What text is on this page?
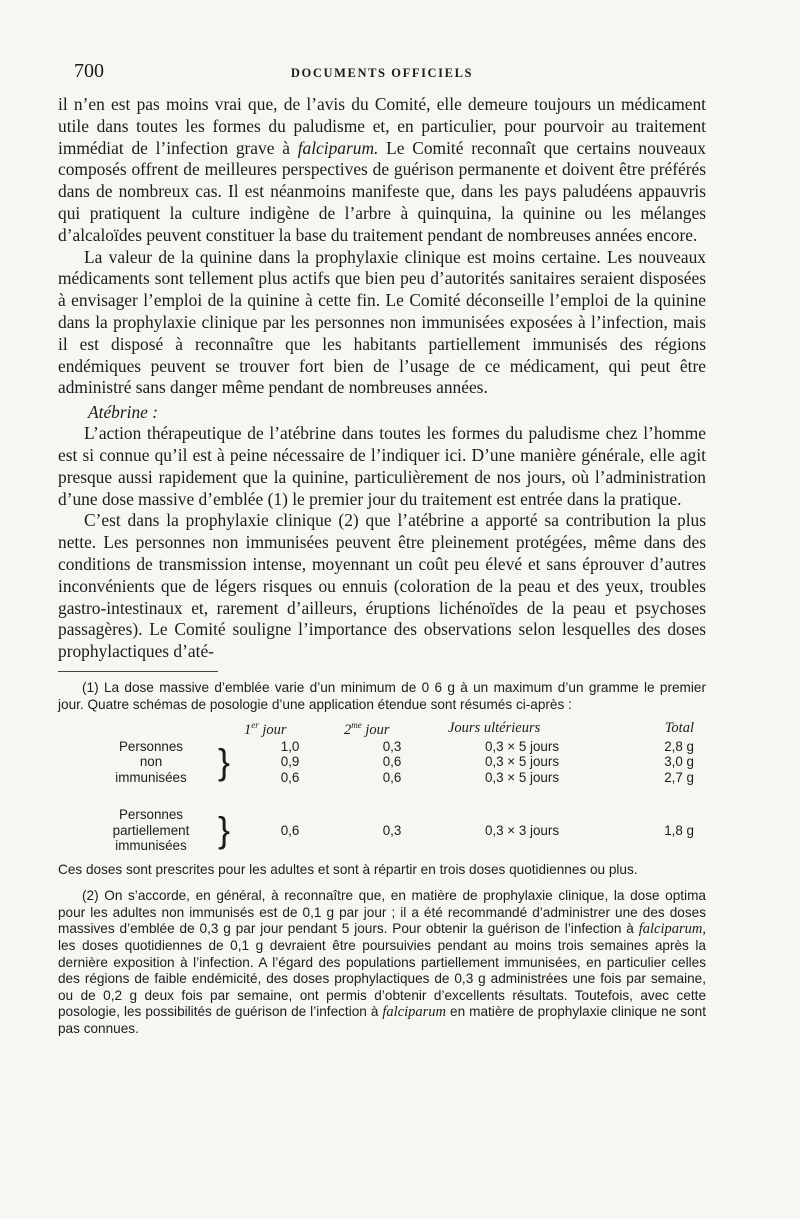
700	DOCUMENTS OFFICIELS

il n’en est pas moins vrai que, de l’avis du Comité, elle demeure toujours un médicament utile dans toutes les formes du paludisme et, en particulier, pour pourvoir au traitement immédiat de l’infection grave à falciparum. Le Comité reconnaît que certains nouveaux composés offrent de meilleures perspectives de guérison permanente et doivent être préférés dans de nombreux cas. Il est néanmoins manifeste que, dans les pays paludéens appauvris qui pratiquent la culture indigène de l’arbre à quinquina, la quinine ou les mélanges d’alcaloïdes peuvent constituer la base du traitement pendant de nombreuses années encore.

La valeur de la quinine dans la prophylaxie clinique est moins certaine. Les nouveaux médicaments sont tellement plus actifs que bien peu d’autorités sanitaires seraient disposées à envisager l’emploi de la quinine à cette fin. Le Comité déconseille l’emploi de la quinine dans la prophylaxie clinique par les personnes non immunisées exposées à l’infection, mais il est disposé à reconnaître que les habitants partiellement immunisés des régions endémiques peuvent se trouver fort bien de l’usage de ce médicament, qui peut être administré sans danger même pendant de nombreuses années.

Atébrine :

L’action thérapeutique de l’atébrine dans toutes les formes du paludisme chez l’homme est si connue qu’il est à peine nécessaire de l’indiquer ici. D’une manière générale, elle agit presque aussi rapidement que la quinine, particulièrement de nos jours, où l’administration d’une dose massive d’emblée (1) le premier jour du traitement est entrée dans la pratique.

C’est dans la prophylaxie clinique (2) que l’atébrine a apporté sa contribution la plus nette. Les personnes non immunisées peuvent être pleinement protégées, même dans des conditions de transmission intense, moyennant un coût peu élevé et sans éprouver d’autres inconvénients que de légers risques ou ennuis (coloration de la peau et des yeux, troubles gastro-intestinaux et, rarement d’ailleurs, éruptions lichénoïdes de la peau et psychoses passagères). Le Comité souligne l’importance des observations selon lesquelles des doses prophylactiques d’até-

(1) La dose massive d’emblée varie d’un minimum de 0 6 g à un maximum d’un gramme le premier jour. Quatre schémas de posologie d’une application étendue sont résumés ci-après :

		1er jour	$2^{me}$ jour	Jours ultérieurs	Total
Personnes	}	1,0	0,3	0,3 × 5 jours	2,8 g
non		0,9	0,6	0,3 × 5 jours	3,0 g
immunisées		0,6	0,6	0,3 × 5 jours	2,7 g

Personnes
partiellement
immunisées	}	0,6	0,3	0,3 × 3 jours	1,8 g

Ces doses sont prescrites pour les adultes et sont à répartir en trois doses quotidiennes ou plus.

(2) On s’accorde, en général, à reconnaître que, en matière de prophylaxie clinique, la dose optima pour les adultes non immunisés est de 0,1 g par jour ; il a été recommandé d’administrer une des doses massives d’emblée de 0,3 g par jour pendant 5 jours. Pour obtenir la guérison de l’infection à falciparum, les doses quotidiennes de 0,1 g devraient être poursuivies pendant au moins trois semaines après la dernière exposition à l’infection. A l’égard des populations partiellement immunisées, en particulier celles des régions de faible endémicité, des doses prophylactiques de 0,3 g administrées une fois par semaine, ou de 0,2 g deux fois par semaine, ont permis d’obtenir d’excellents résultats. Toutefois, avec cette posologie, les possibilités de guérison de l’infection à falciparum en matière de prophylaxie clinique ne sont pas connues.
